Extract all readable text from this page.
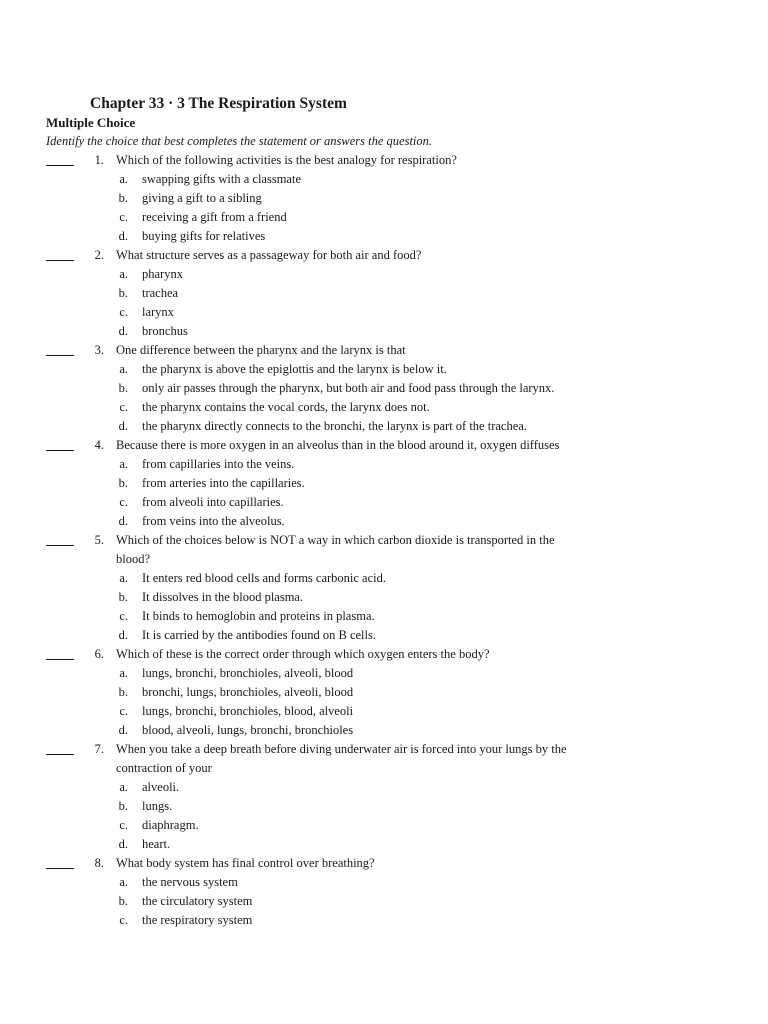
Chapter 33 · 3 The Respiration System
Multiple Choice
Identify the choice that best completes the statement or answers the question.
1. Which of the following activities is the best analogy for respiration?
a. swapping gifts with a classmate
b. giving a gift to a sibling
c. receiving a gift from a friend
d. buying gifts for relatives
2. What structure serves as a passageway for both air and food?
a. pharynx
b. trachea
c. larynx
d. bronchus
3. One difference between the pharynx and the larynx is that
a. the pharynx is above the epiglottis and the larynx is below it.
b. only air passes through the pharynx, but both air and food pass through the larynx.
c. the pharynx contains the vocal cords, the larynx does not.
d. the pharynx directly connects to the bronchi, the larynx is part of the trachea.
4. Because there is more oxygen in an alveolus than in the blood around it, oxygen diffuses
a. from capillaries into the veins.
b. from arteries into the capillaries.
c. from alveoli into capillaries.
d. from veins into the alveolus.
5. Which of the choices below is NOT a way in which carbon dioxide is transported in the
blood?
a. It enters red blood cells and forms carbonic acid.
b. It dissolves in the blood plasma.
c. It binds to hemoglobin and proteins in plasma.
d. It is carried by the antibodies found on B cells.
6. Which of these is the correct order through which oxygen enters the body?
a. lungs, bronchi, bronchioles, alveoli, blood
b. bronchi, lungs, bronchioles, alveoli, blood
c. lungs, bronchi, bronchioles, blood, alveoli
d. blood, alveoli, lungs, bronchi, bronchioles
7. When you take a deep breath before diving underwater air is forced into your lungs by the
contraction of your
a. alveoli.
b. lungs.
c. diaphragm.
d. heart.
8. What body system has final control over breathing?
a. the nervous system
b. the circulatory system
c. the respiratory system
